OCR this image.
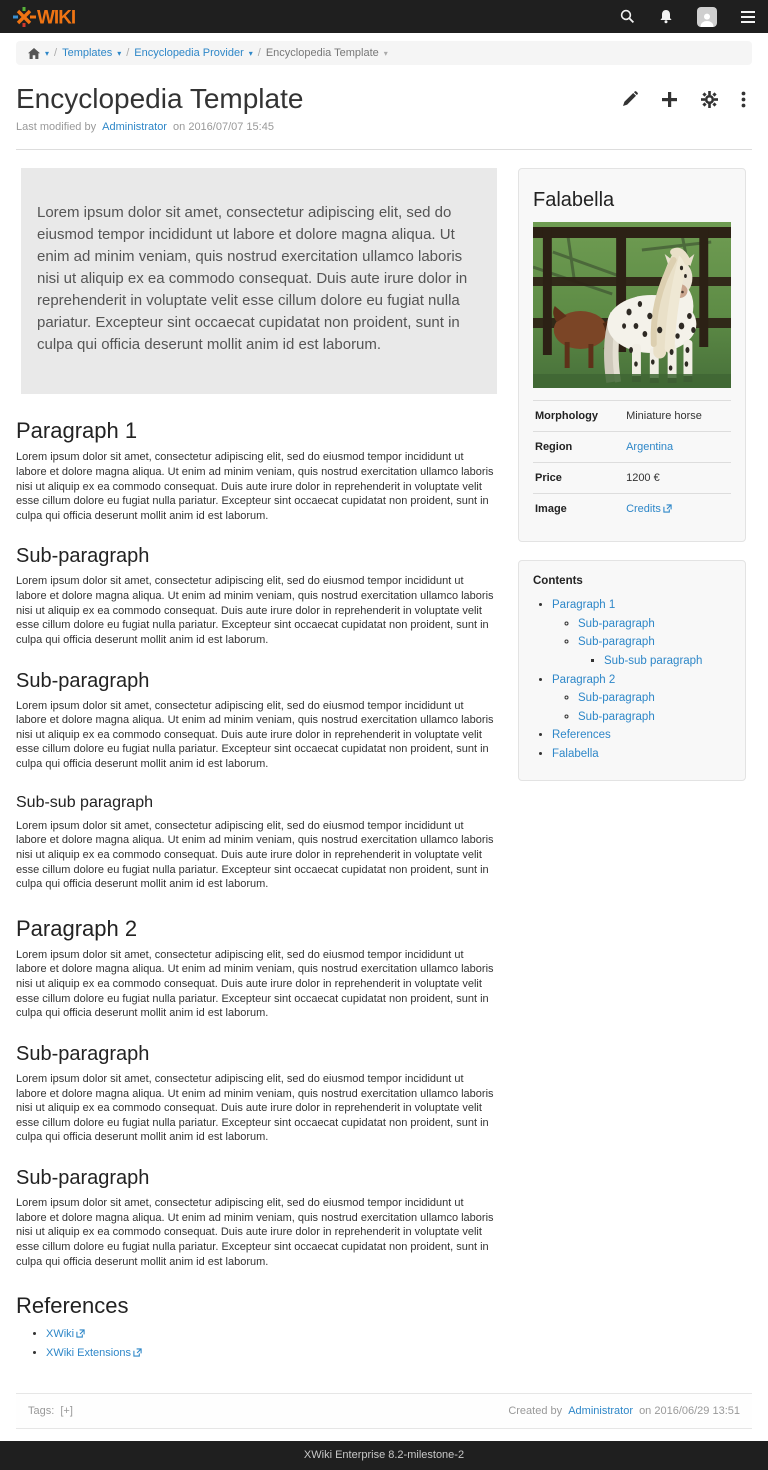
WIKI
▾ / Templates ▾ / Encyclopedia Provider ▾ / Encyclopedia Template ▾
Encyclopedia Template
Last modified by Administrator on 2016/07/07 15:45
Lorem ipsum dolor sit amet, consectetur adipiscing elit, sed do eiusmod tempor incididunt ut labore et dolore magna aliqua. Ut enim ad minim veniam, quis nostrud exercitation ullamco laboris nisi ut aliquip ex ea commodo consequat. Duis aute irure dolor in reprehenderit in voluptate velit esse cillum dolore eu fugiat nulla pariatur. Excepteur sint occaecat cupidatat non proident, sunt in culpa qui officia deserunt mollit anim id est laborum.
Paragraph 1

Lorem ipsum dolor sit amet, consectetur adipiscing elit, sed do eiusmod tempor incididunt ut labore et dolore magna aliqua. Ut enim ad minim veniam, quis nostrud exercitation ullamco laboris nisi ut aliquip ex ea commodo consequat. Duis aute irure dolor in reprehenderit in voluptate velit esse cillum dolore eu fugiat nulla pariatur. Excepteur sint occaecat cupidatat non proident, sunt in culpa qui officia deserunt mollit anim id est laborum.

Sub-paragraph

Lorem ipsum dolor sit amet, consectetur adipiscing elit, sed do eiusmod tempor incididunt ut labore et dolore magna aliqua. Ut enim ad minim veniam, quis nostrud exercitation ullamco laboris nisi ut aliquip ex ea commodo consequat. Duis aute irure dolor in reprehenderit in voluptate velit esse cillum dolore eu fugiat nulla pariatur. Excepteur sint occaecat cupidatat non proident, sunt in culpa qui officia deserunt mollit anim id est laborum.

Sub-paragraph

Lorem ipsum dolor sit amet, consectetur adipiscing elit, sed do eiusmod tempor incididunt ut labore et dolore magna aliqua. Ut enim ad minim veniam, quis nostrud exercitation ullamco laboris nisi ut aliquip ex ea commodo consequat. Duis aute irure dolor in reprehenderit in voluptate velit esse cillum dolore eu fugiat nulla pariatur. Excepteur sint occaecat cupidatat non proident, sunt in culpa qui officia deserunt mollit anim id est laborum.

Sub-sub paragraph

Lorem ipsum dolor sit amet, consectetur adipiscing elit, sed do eiusmod tempor incididunt ut labore et dolore magna aliqua. Ut enim ad minim veniam, quis nostrud exercitation ullamco laboris nisi ut aliquip ex ea commodo consequat. Duis aute irure dolor in reprehenderit in voluptate velit esse cillum dolore eu fugiat nulla pariatur. Excepteur sint occaecat cupidatat non proident, sunt in culpa qui officia deserunt mollit anim id est laborum.

Paragraph 2

Lorem ipsum dolor sit amet, consectetur adipiscing elit, sed do eiusmod tempor incididunt ut labore et dolore magna aliqua. Ut enim ad minim veniam, quis nostrud exercitation ullamco laboris nisi ut aliquip ex ea commodo consequat. Duis aute irure dolor in reprehenderit in voluptate velit esse cillum dolore eu fugiat nulla pariatur. Excepteur sint occaecat cupidatat non proident, sunt in culpa qui officia deserunt mollit anim id est laborum.

Sub-paragraph

Lorem ipsum dolor sit amet, consectetur adipiscing elit, sed do eiusmod tempor incididunt ut labore et dolore magna aliqua. Ut enim ad minim veniam, quis nostrud exercitation ullamco laboris nisi ut aliquip ex ea commodo consequat. Duis aute irure dolor in reprehenderit in voluptate velit esse cillum dolore eu fugiat nulla pariatur. Excepteur sint occaecat cupidatat non proident, sunt in culpa qui officia deserunt mollit anim id est laborum.

Sub-paragraph

Lorem ipsum dolor sit amet, consectetur adipiscing elit, sed do eiusmod tempor incididunt ut labore et dolore magna aliqua. Ut enim ad minim veniam, quis nostrud exercitation ullamco laboris nisi ut aliquip ex ea commodo consequat. Duis aute irure dolor in reprehenderit in voluptate velit esse cillum dolore eu fugiat nulla pariatur. Excepteur sint occaecat cupidatat non proident, sunt in culpa qui officia deserunt mollit anim id est laborum.

References
• XWiki
• XWiki Extensions
Falabella
Morphology	Miniature horse
Region	Argentina
Price	1200 €
Image	Credits
Contents
• Paragraph 1
◦ Sub-paragraph
◦ Sub-paragraph
▪ Sub-sub paragraph
• Paragraph 2
◦ Sub-paragraph
◦ Sub-paragraph
• References
• Falabella
Tags: [+]	Created by Administrator on 2016/06/29 13:51
XWiki Enterprise 8.2-milestone-2
